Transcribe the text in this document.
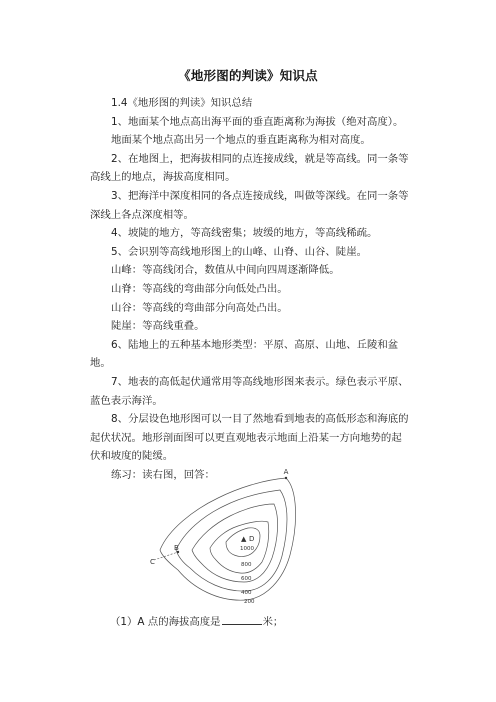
《地形图的判读》知识点

1.4《地形图的判读》知识总结

1、地面某个地点高出海平面的垂直距离称为海拔（绝对高度）。

地面某个地点高出另一个地点的垂直距离称为相对高度。

2、在地图上，把海拔相同的点连接成线，就是等高线。同一条等高线上的地点，海拔高度相同。

3、把海洋中深度相同的各点连接成线，叫做等深线。在同一条等深线上各点深度相等。

4、坡陡的地方，等高线密集；坡缓的地方，等高线稀疏。

5、会识别等高线地形图上的山峰、山脊、山谷、陡崖。

山峰：等高线闭合，数值从中间向四周逐渐降低。

山脊：等高线的弯曲部分向低处凸出。

山谷：等高线的弯曲部分向高处凸出。

陡崖：等高线重叠。

6、陆地上的五种基本地形类型：平原、高原、山地、丘陵和盆地。

7、地表的高低起伏通常用等高线地形图来表示。绿色表示平原、蓝色表示海洋。

8、分层设色地形图可以一目了然地看到地表的高低形态和海底的起伏状况。地形剖面图可以更直观地表示地面上沿某一方向地势的起伏和坡度的陡缓。

练习：读右图，回答：	A
B
C
▲ D
1000
800
600
400
200
（1）A 点的海拔高度是	米；
